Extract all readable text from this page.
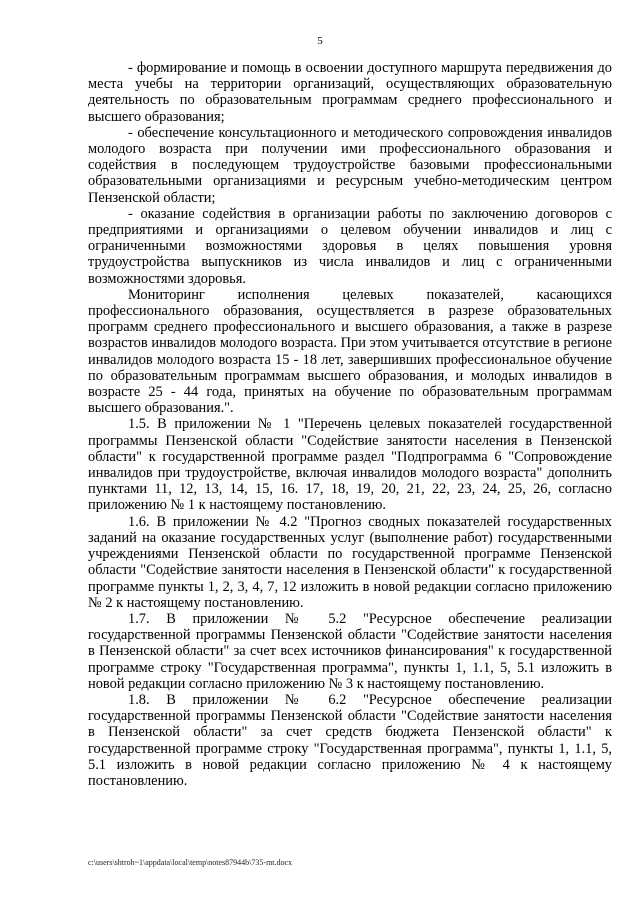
5

- формирование и помощь в освоении доступного маршрута передвижения до места учебы на территории организаций, осуществляющих образовательную деятельность по образовательным программам среднего профессионального и высшего образования;

- обеспечение консультационного и методического сопровождения инвалидов молодого возраста при получении ими профессионального образования и содействия в последующем трудоустройстве базовыми профессиональными образовательными организациями и ресурсным учебно-методическим центром Пензенской области;

- оказание содействия в организации работы по заключению договоров с предприятиями и организациями о целевом обучении инвалидов и лиц с ограниченными возможностями здоровья в целях повышения уровня трудоустройства выпускников из числа инвалидов и лиц с ограниченными возможностями здоровья.

Мониторинг исполнения целевых показателей, касающихся профессионального образования, осуществляется в разрезе образовательных программ среднего профессионального и высшего образования, а также в разрезе возрастов инвалидов молодого возраста. При этом учитывается отсутствие в регионе инвалидов молодого возраста 15 - 18 лет, завершивших профессиональное обучение по образовательным программам высшего образования, и молодых инвалидов в возрасте 25 - 44 года, принятых на обучение по образовательным программам высшего образования.".

1.5. В приложении № 1 "Перечень целевых показателей государственной программы Пензенской области "Содействие занятости населения в Пензенской области" к государственной программе раздел "Подпрограмма 6 "Сопровождение инвалидов при трудоустройстве, включая инвалидов молодого возраста" дополнить пунктами 11, 12, 13, 14, 15, 16. 17, 18, 19, 20, 21, 22, 23, 24, 25, 26, согласно приложению № 1 к настоящему постановлению.

1.6. В приложении № 4.2 "Прогноз сводных показателей государственных заданий на оказание государственных услуг (выполнение работ) государственными учреждениями Пензенской области по государственной программе Пензенской области "Содействие занятости населения в Пензенской области" к государственной программе пункты 1, 2, 3, 4, 7, 12 изложить в новой редакции согласно приложению № 2 к настоящему постановлению.

1.7. В приложении № 5.2 "Ресурсное обеспечение реализации государственной программы Пензенской области "Содействие занятости населения в Пензенской области" за счет всех источников финансирования" к государственной программе строку "Государственная программа", пункты 1, 1.1, 5, 5.1 изложить в новой редакции согласно приложению № 3 к настоящему постановлению.

1.8. В приложении № 6.2 "Ресурсное обеспечение реализации государственной программы Пензенской области "Содействие занятости населения в Пензенской области" за счет средств бюджета Пензенской области" к государственной программе строку "Государственная программа", пункты 1, 1.1, 5, 5.1 изложить в новой редакции согласно приложению № 4 к настоящему постановлению.

c:\users\shtroh~1\appdata\local\temp\notes87944b\735-mt.docx
